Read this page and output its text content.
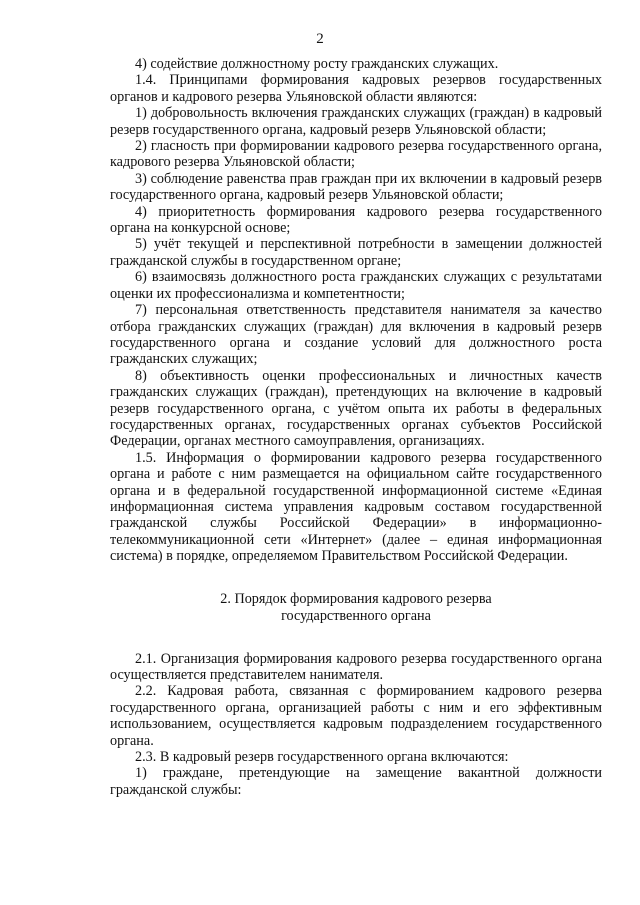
2

4) содействие должностному росту гражданских служащих.

1.4. Принципами формирования кадровых резервов государственных органов и кадрового резерва Ульяновской области являются:

1) добровольность включения гражданских служащих (граждан) в кадровый резерв государственного органа, кадровый резерв Ульяновской области;

2) гласность при формировании кадрового резерва государственного органа, кадрового резерва Ульяновской области;

3) соблюдение равенства прав граждан при их включении в кадровый резерв государственного органа, кадровый резерв Ульяновской области;

4) приоритетность формирования кадрового резерва государственного органа на конкурсной основе;

5) учёт текущей и перспективной потребности в замещении должностей гражданской службы в государственном органе;

6) взаимосвязь должностного роста гражданских служащих с результатами оценки их профессионализма и компетентности;

7) персональная ответственность представителя нанимателя за качество отбора гражданских служащих (граждан) для включения в кадровый резерв государственного органа и создание условий для должностного роста гражданских служащих;

8) объективность оценки профессиональных и личностных качеств гражданских служащих (граждан), претендующих на включение в кадровый резерв государственного органа, с учётом опыта их работы в федеральных государственных органах, государственных органах субъектов Российской Федерации, органах местного самоуправления, организациях.

1.5. Информация о формировании кадрового резерва государственного органа и работе с ним размещается на официальном сайте государственного органа и в федеральной государственной информационной системе «Единая информационная система управления кадровым составом государственной гражданской службы Российской Федерации» в информационно-телекоммуникационной сети «Интернет» (далее – единая информационная система) в порядке, определяемом Правительством Российской Федерации.

2. Порядок формирования кадрового резерва
государственного органа

2.1. Организация формирования кадрового резерва государственного органа осуществляется представителем нанимателя.

2.2. Кадровая работа, связанная с формированием кадрового резерва государственного органа, организацией работы с ним и его эффективным использованием, осуществляется кадровым подразделением государственного органа.

2.3. В кадровый резерв государственного органа включаются:

1) граждане, претендующие на замещение вакантной должности гражданской службы:
